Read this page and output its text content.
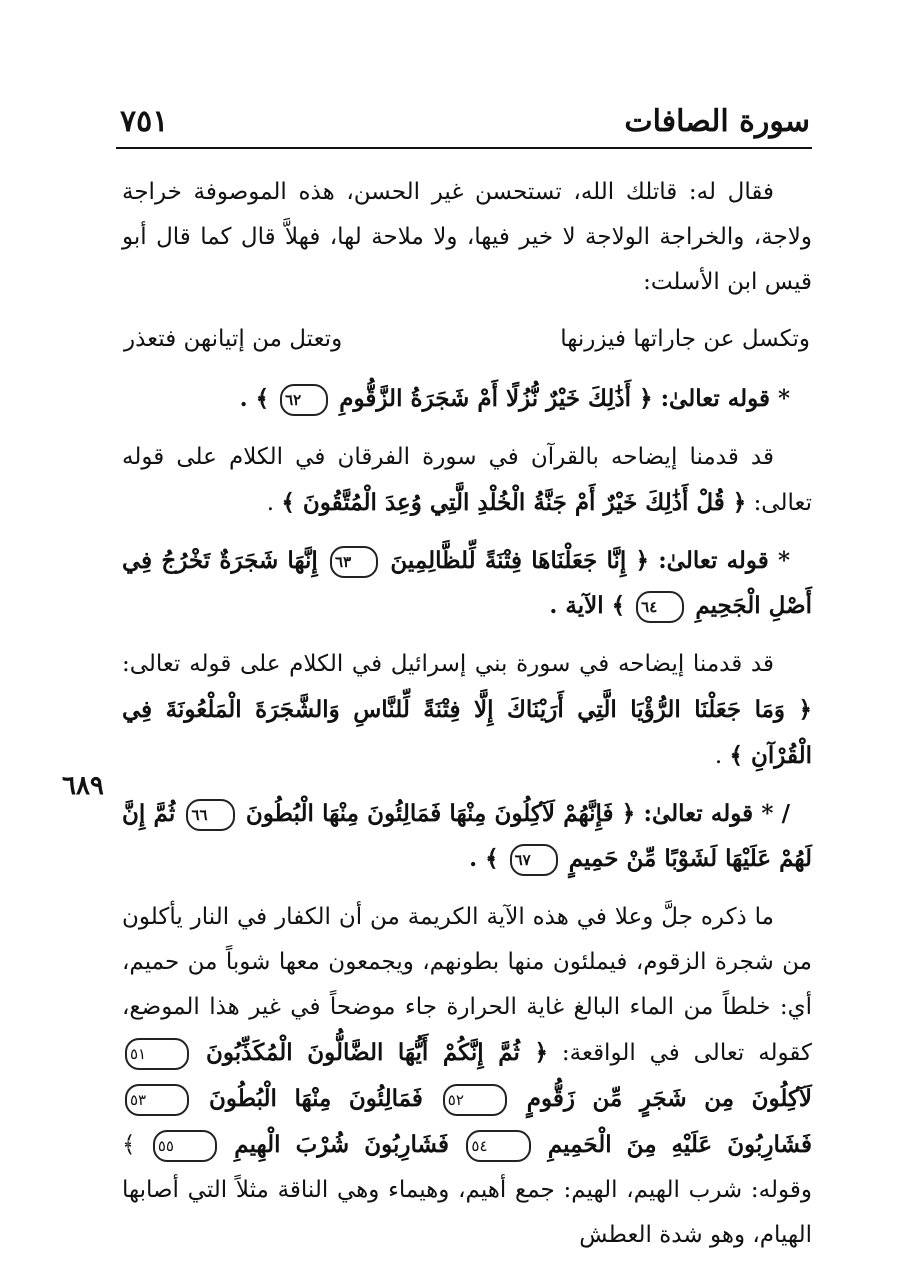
سورة الصافات
٧٥١
٦٨٩

فقال له: قاتلك الله، تستحسن غير الحسن، هذه الموصوفة خراجة ولاجة، والخراجة الولاجة لا خير فيها، ولا ملاحة لها، فهلاَّ قال كما قال أبو قيس ابن الأسلت:

وتكسل عن جاراتها فيزرنها
وتعتل من إتيانهن فتعذر
* قوله تعالىٰ: ﴿ أَذَٰلِكَ خَيْرٌ نُّزُلًا أَمْ شَجَرَةُ الزَّقُّومِ ٦٢ ﴾ .

قد قدمنا إيضاحه بالقرآن في سورة الفرقان في الكلام على قوله تعالى: ﴿ قُلْ أَذَٰلِكَ خَيْرٌ أَمْ جَنَّةُ الْخُلْدِ الَّتِي وُعِدَ الْمُتَّقُونَ ﴾ .

* قوله تعالىٰ: ﴿ إِنَّا جَعَلْنَاهَا فِتْنَةً لِّلظَّالِمِينَ ٦٣ إِنَّهَا شَجَرَةٌ تَخْرُجُ فِي أَصْلِ الْجَحِيمِ ٦٤ ﴾ الآية .

قد قدمنا إيضاحه في سورة بني إسرائيل في الكلام على قوله تعالى: ﴿ وَمَا جَعَلْنَا الرُّؤْيَا الَّتِي أَرَيْنَاكَ إِلَّا فِتْنَةً لِّلنَّاسِ وَالشَّجَرَةَ الْمَلْعُونَةَ فِي الْقُرْآنِ ﴾ .

/ * قوله تعالىٰ: ﴿ فَإِنَّهُمْ لَآكِلُونَ مِنْهَا فَمَالِئُونَ مِنْهَا الْبُطُونَ ٦٦ ثُمَّ إِنَّ لَهُمْ عَلَيْهَا لَشَوْبًا مِّنْ حَمِيمٍ ٦٧ ﴾ .

ما ذكره جلَّ وعلا في هذه الآية الكريمة من أن الكفار في النار يأكلون من شجرة الزقوم، فيملئون منها بطونهم، ويجمعون معها شوباً من حميم، أي: خلطاً من الماء البالغ غاية الحرارة جاء موضحاً في غير هذا الموضع، كقوله تعالى في الواقعة: ﴿ ثُمَّ إِنَّكُمْ أَيُّهَا الضَّالُّونَ الْمُكَذِّبُونَ ٥١ لَآكِلُونَ مِن شَجَرٍ مِّن زَقُّومٍ ٥٢ فَمَالِئُونَ مِنْهَا الْبُطُونَ ٥٣ فَشَارِبُونَ عَلَيْهِ مِنَ الْحَمِيمِ ٥٤ فَشَارِبُونَ شُرْبَ الْهِيمِ ٥٥ ﴾ وقوله: شرب الهيم، الهيم: جمع أهيم، وهيماء وهي الناقة مثلاً التي أصابها الهيام، وهو شدة العطش
